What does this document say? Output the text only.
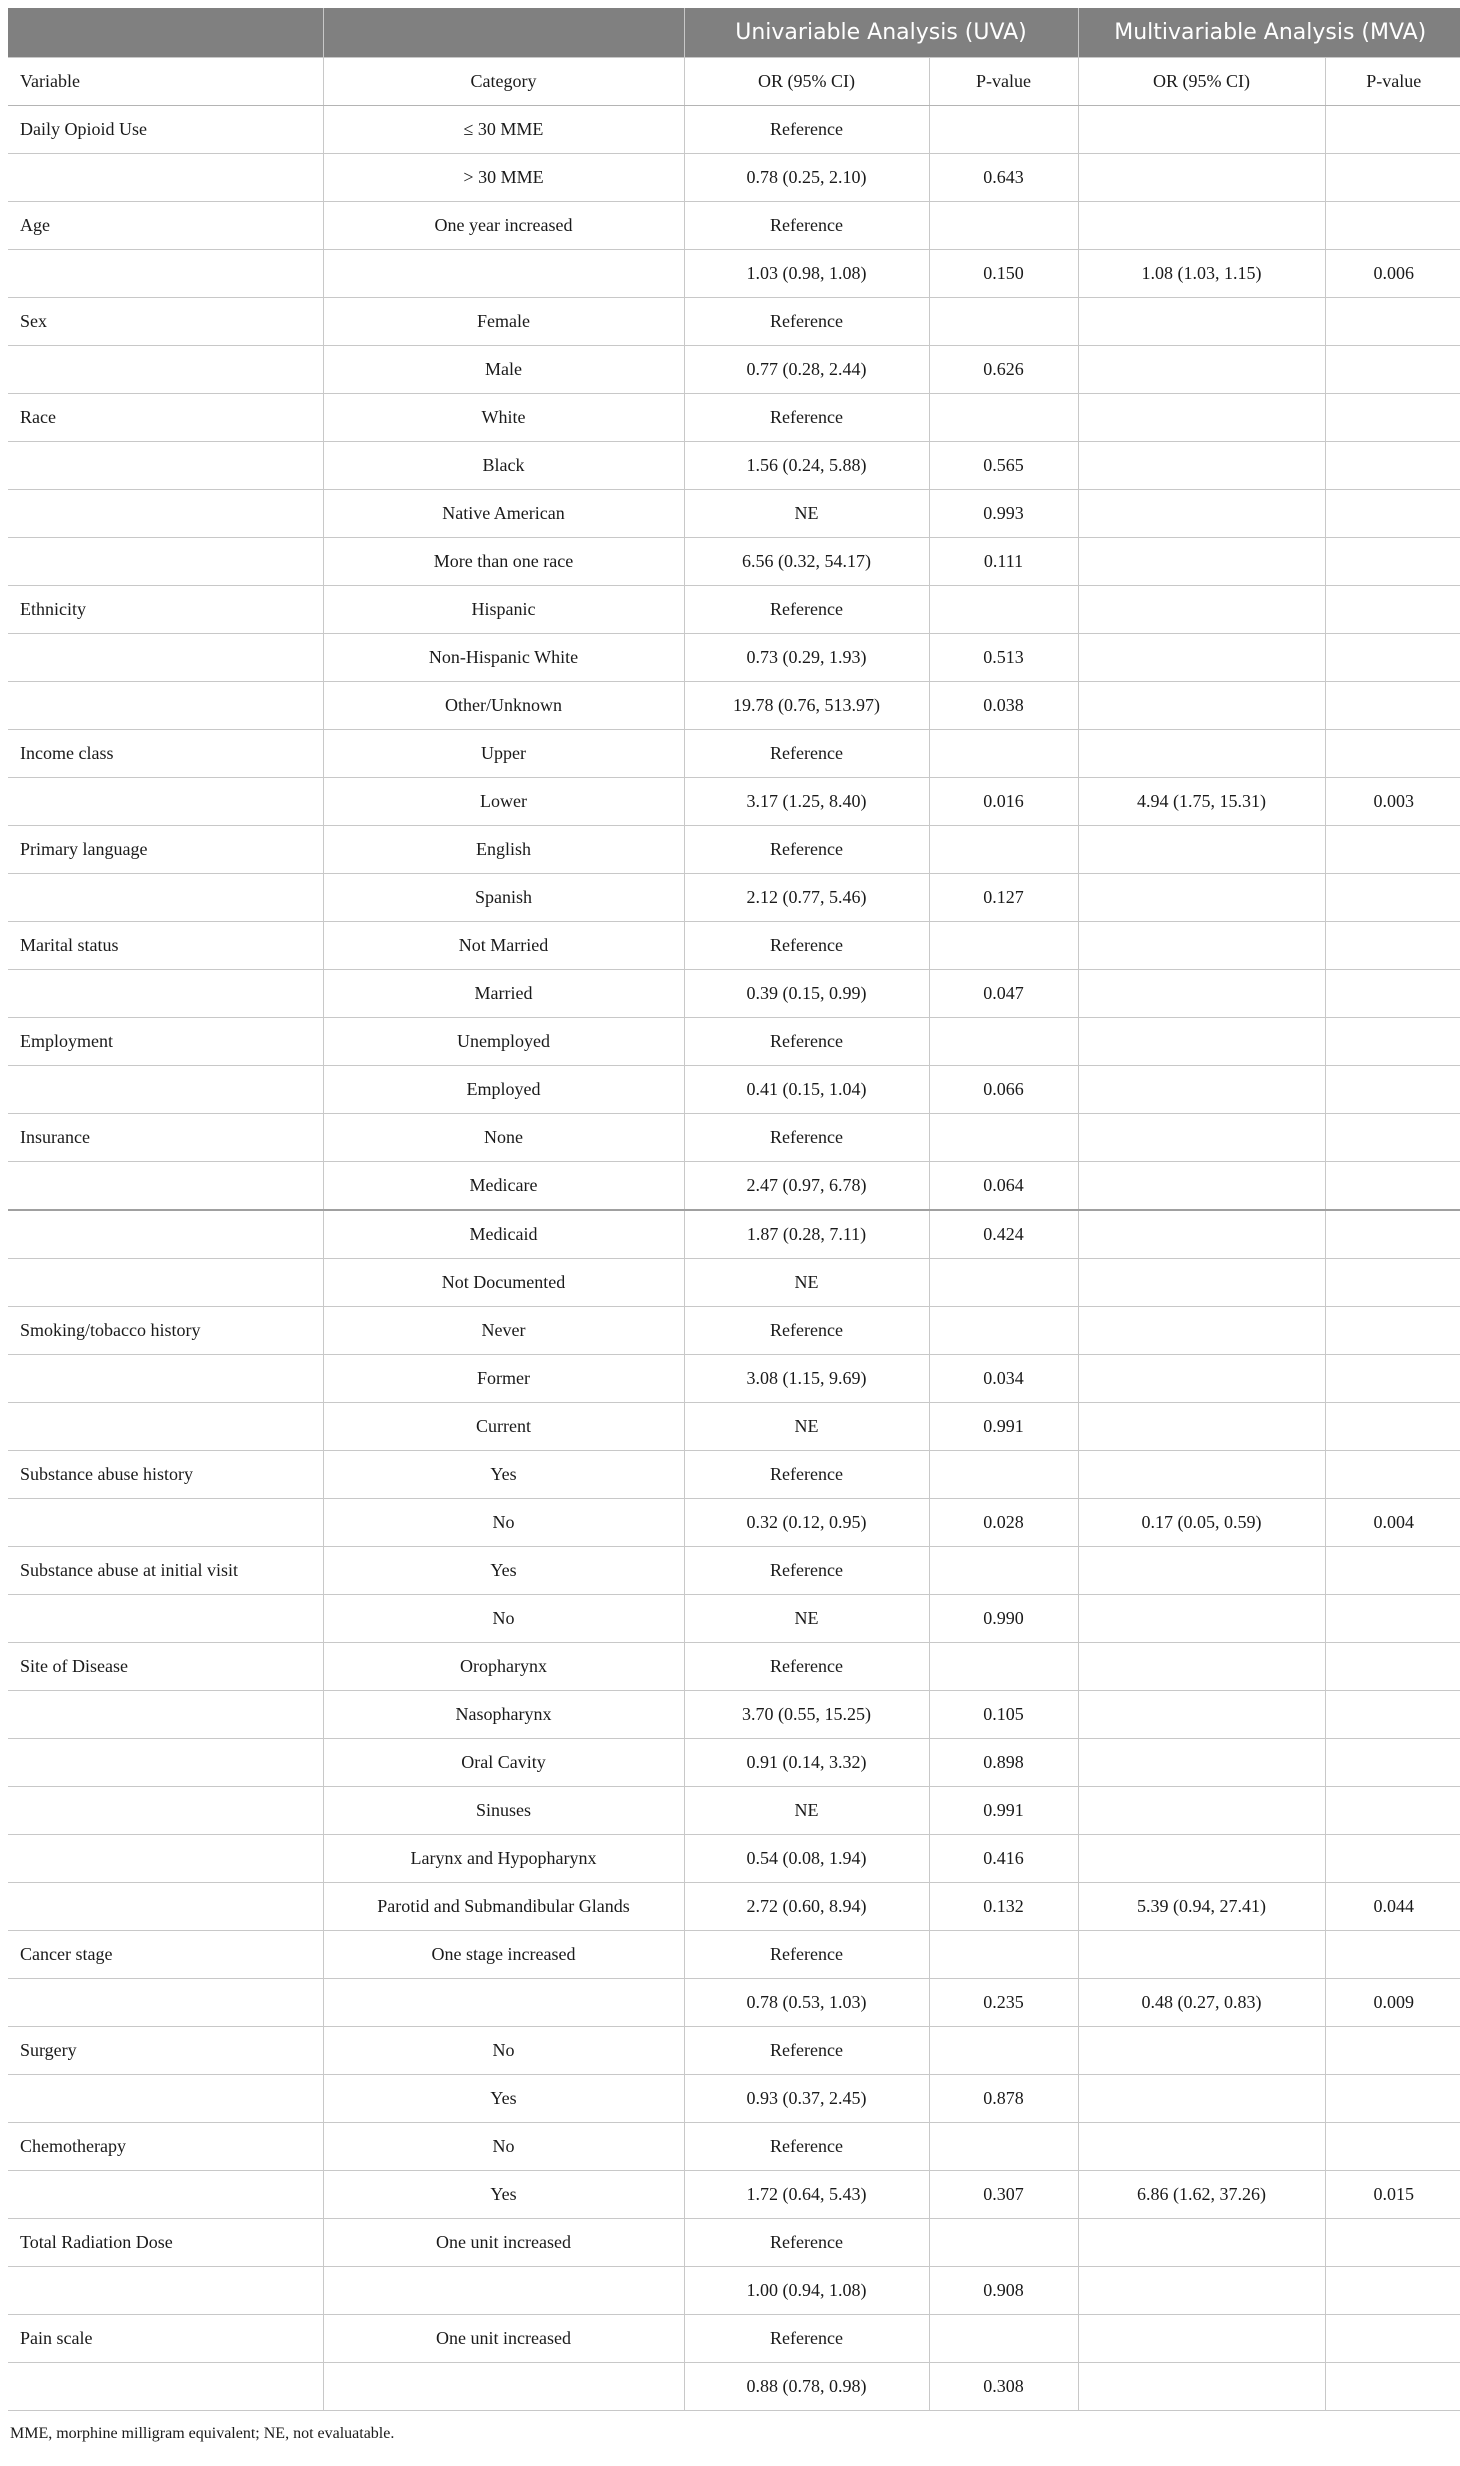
		Univariable Analysis (UVA)		Multivariable Analysis (MVA)	
Variable	Category	OR (95% CI)	P-value	OR (95% CI)	P-value
Daily Opioid Use	≤ 30 MME	Reference			
	> 30 MME	0.78 (0.25, 2.10)	0.643		
Age	One year increased	Reference			
		1.03 (0.98, 1.08)	0.150	1.08 (1.03, 1.15)	0.006
Sex	Female	Reference			
	Male	0.77 (0.28, 2.44)	0.626		
Race	White	Reference			
	Black	1.56 (0.24, 5.88)	0.565		
	Native American	NE	0.993		
	More than one race	6.56 (0.32, 54.17)	0.111		
Ethnicity	Hispanic	Reference			
	Non-Hispanic White	0.73 (0.29, 1.93)	0.513		
	Other/Unknown	19.78 (0.76, 513.97)	0.038		
Income class	Upper	Reference			
	Lower	3.17 (1.25, 8.40)	0.016	4.94 (1.75, 15.31)	0.003
Primary language	English	Reference			
	Spanish	2.12 (0.77, 5.46)	0.127		
Marital status	Not Married	Reference			
	Married	0.39 (0.15, 0.99)	0.047		
Employment	Unemployed	Reference			
	Employed	0.41 (0.15, 1.04)	0.066		
Insurance	None	Reference			
	Medicare	2.47 (0.97, 6.78)	0.064		
	Medicaid	1.87 (0.28, 7.11)	0.424		
	Not Documented	NE			
Smoking/tobacco history	Never	Reference			
	Former	3.08 (1.15, 9.69)	0.034		
	Current	NE	0.991		
Substance abuse history	Yes	Reference			
	No	0.32 (0.12, 0.95)	0.028	0.17 (0.05, 0.59)	0.004
Substance abuse at initial visit	Yes	Reference			
	No	NE	0.990		
Site of Disease	Oropharynx	Reference			
	Nasopharynx	3.70 (0.55, 15.25)	0.105		
	Oral Cavity	0.91 (0.14, 3.32)	0.898		
	Sinuses	NE	0.991		
	Larynx and Hypopharynx	0.54 (0.08, 1.94)	0.416		
	Parotid and Submandibular Glands	2.72 (0.60, 8.94)	0.132	5.39 (0.94, 27.41)	0.044
Cancer stage	One stage increased	Reference			
		0.78 (0.53, 1.03)	0.235	0.48 (0.27, 0.83)	0.009
Surgery	No	Reference			
	Yes	0.93 (0.37, 2.45)	0.878		
Chemotherapy	No	Reference			
	Yes	1.72 (0.64, 5.43)	0.307	6.86 (1.62, 37.26)	0.015
Total Radiation Dose	One unit increased	Reference			
		1.00 (0.94, 1.08)	0.908		
Pain scale	One unit increased	Reference			
		0.88 (0.78, 0.98)	0.308		
MME, morphine milligram equivalent; NE, not evaluatable.
